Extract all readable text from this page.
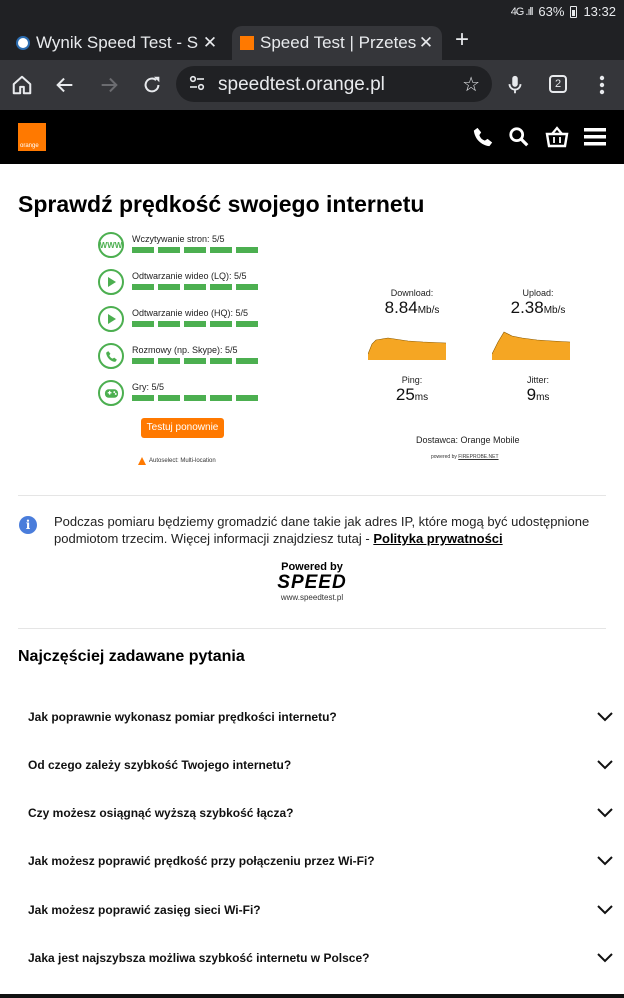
4G .ıll 63% 13:32
Wynik Speed Test - S ✕	Speed Test | Przetes ✕ +
speedtest.orange.pl	☆	2
orange
Sprawdź prędkość swojego internetu
WWW
Wczytywanie stron: 5/5
Odtwarzanie wideo (LQ): 5/5
Odtwarzanie wideo (HQ): 5/5
Rozmowy (np. Skype): 5/5
Gry: 5/5
Testuj ponownie
Autoselect: Multi-location
Download:
8.84Mb/s
Upload:
2.38Mb/s
Ping:
25ms
Jitter:
9ms
Dostawca: Orange Mobile
powered by FIREPROBE.NET
i	Podczas pomiaru będziemy gromadzić dane takie jak adres IP, które mogą być udostępnione podmiotom trzecim. Więcej informacji znajdziesz tutaj - Polityka prywatności
Powered by
SPEED
www.speedtest.pl
Najczęściej zadawane pytania
Jak poprawnie wykonasz pomiar prędkości internetu?
Od czego zależy szybkość Twojego internetu?
Czy możesz osiągnąć wyższą szybkość łącza?
Jak możesz poprawić prędkość przy połączeniu przez Wi-Fi?
Jak możesz poprawić zasięg sieci Wi-Fi?
Jaka jest najszybsza możliwa szybkość internetu w Polsce?
